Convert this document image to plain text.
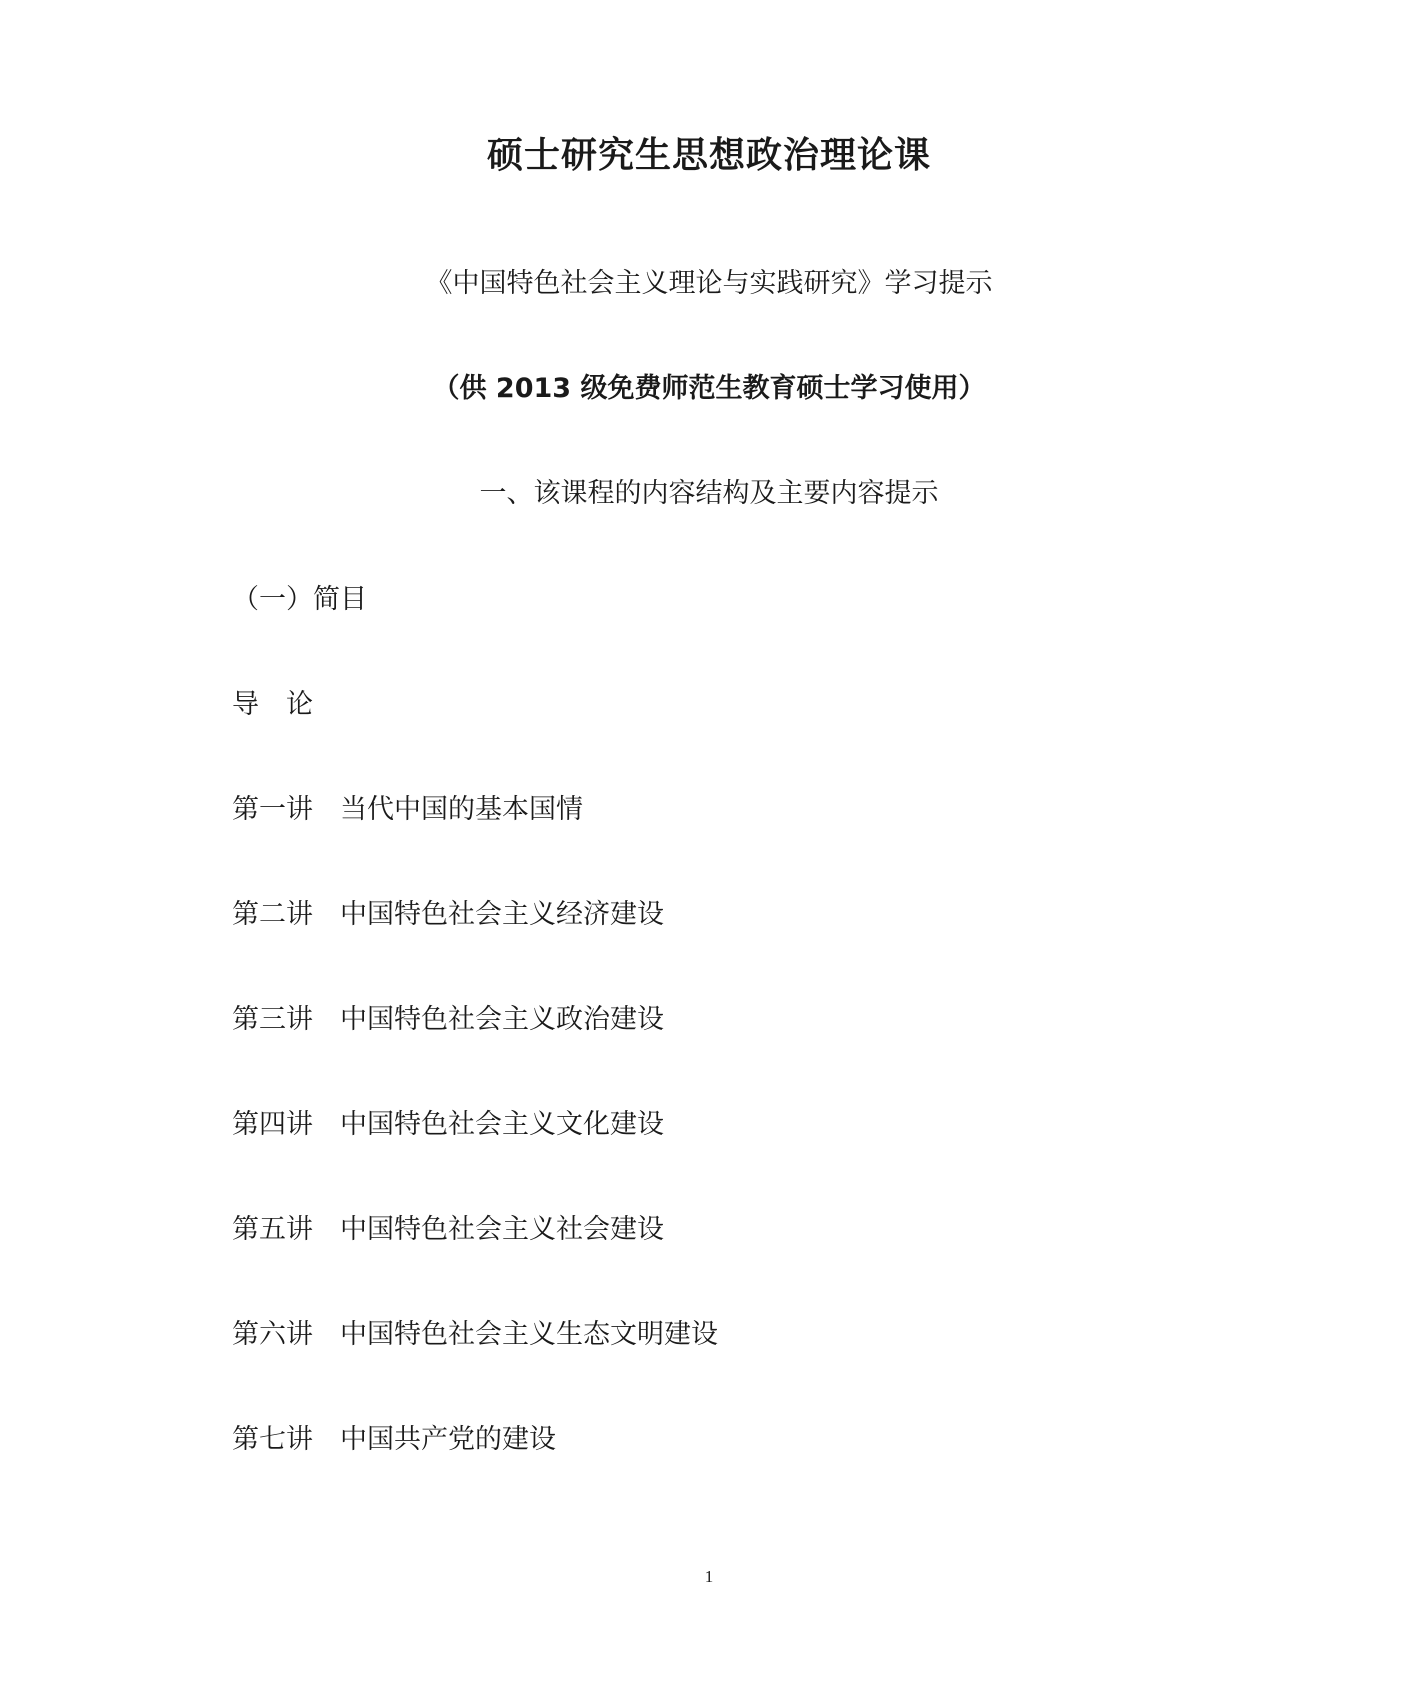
硕士研究生思想政治理论课
《中国特色社会主义理论与实践研究》学习提示
（供 2013 级免费师范生教育硕士学习使用）
一、该课程的内容结构及主要内容提示
（一）简目
导　论
第一讲	当代中国的基本国情
第二讲	中国特色社会主义经济建设
第三讲	中国特色社会主义政治建设
第四讲	中国特色社会主义文化建设
第五讲	中国特色社会主义社会建设
第六讲	中国特色社会主义生态文明建设
第七讲	中国共产党的建设
1
